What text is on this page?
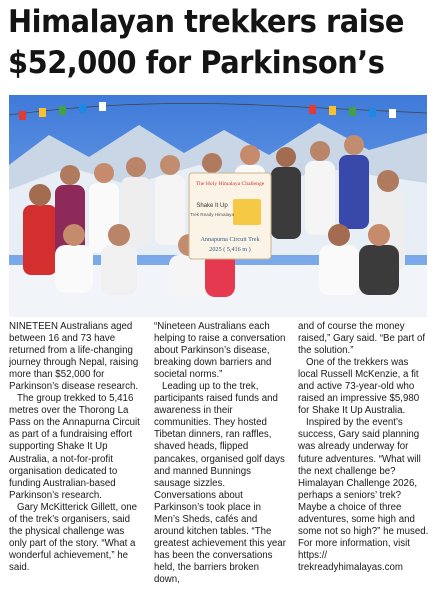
Himalayan trekkers raise
$52,000 for Parkinson’s
The Holy Himalaya Challenge
Shake It Up
Trek Ready Himalaya
Annapurna Circuit Trek
2025 ( 5,416 m )

NINETEEN Australians aged between 16 and 73 have returned from a life-changing journey through Nepal, raising more than $52,000 for Parkinson’s disease research.

The group trekked to 5,416 metres over the Thorong La Pass on the Annapurna Circuit as part of a fundraising effort supporting Shake It Up Australia, a not-for-profit organisation dedicated to funding Australian-based Parkinson’s research.

Gary McKitterick Gillett, one of the trek’s organisers, said the physical challenge was only part of the story. “What a wonderful achievement,” he said.

“Nineteen Australians each helping to raise a conversation about Parkinson’s disease, breaking down barriers and societal norms.”

Leading up to the trek, participants raised funds and awareness in their communities. They hosted Tibetan dinners, ran raffles, shaved heads, flipped pancakes, organised golf days and manned Bunnings sausage sizzles. Conversations about Parkinson’s took place in Men’s Sheds, cafés and around kitchen tables. “The greatest achievement this year has been the conversations held, the barriers broken down,

and of course the money raised,” Gary said. “Be part of the solution.”

One of the trekkers was local Russell McKenzie, a fit and active 73-year-old who raised an impressive $5,980 for Shake It Up Australia.

Inspired by the event’s success, Gary said planning was already underway for future adventures. “What will the next challenge be? Himalayan Challenge 2026, perhaps a seniors’ trek? Maybe a choice of three adventures, some high and some not so high?” he mused. For more information, visit https:// trekreadyhimalayas.com
